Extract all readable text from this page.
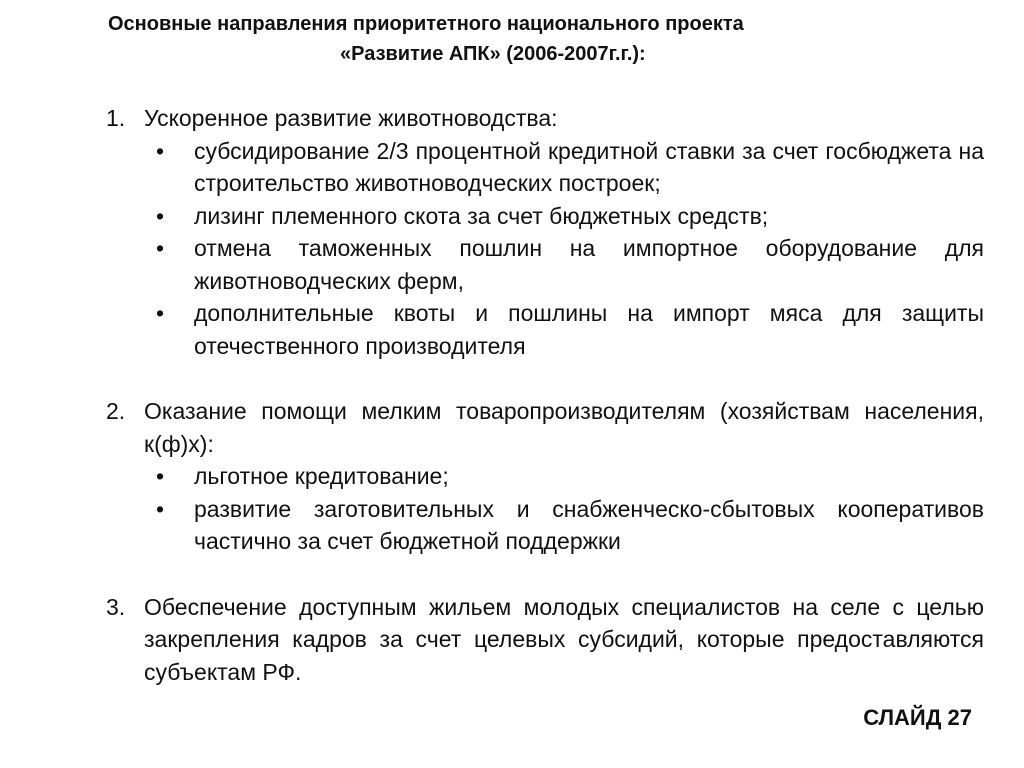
Основные направления приоритетного национального проекта
«Развитие АПК» (2006-2007г.г.):
1. Ускоренное развитие животноводства:
•	субсидирование 2/3 процентной кредитной ставки за счет госбюджета на строительство животноводческих построек;
•	лизинг племенного скота за счет бюджетных средств;
•	отмена таможенных пошлин на импортное оборудование для животноводческих ферм,
•	дополнительные квоты и пошлины на импорт мяса для защиты отечественного производителя
2. Оказание помощи мелким товаропроизводителям (хозяйствам населения, к(ф)х):
•	льготное кредитование;
•	развитие заготовительных и снабженческо-сбытовых кооперативов частично за счет бюджетной поддержки
3. Обеспечение доступным жильем молодых специалистов на селе с целью закрепления кадров за счет целевых субсидий, которые предоставляются субъектам РФ.
СЛАЙД 27
